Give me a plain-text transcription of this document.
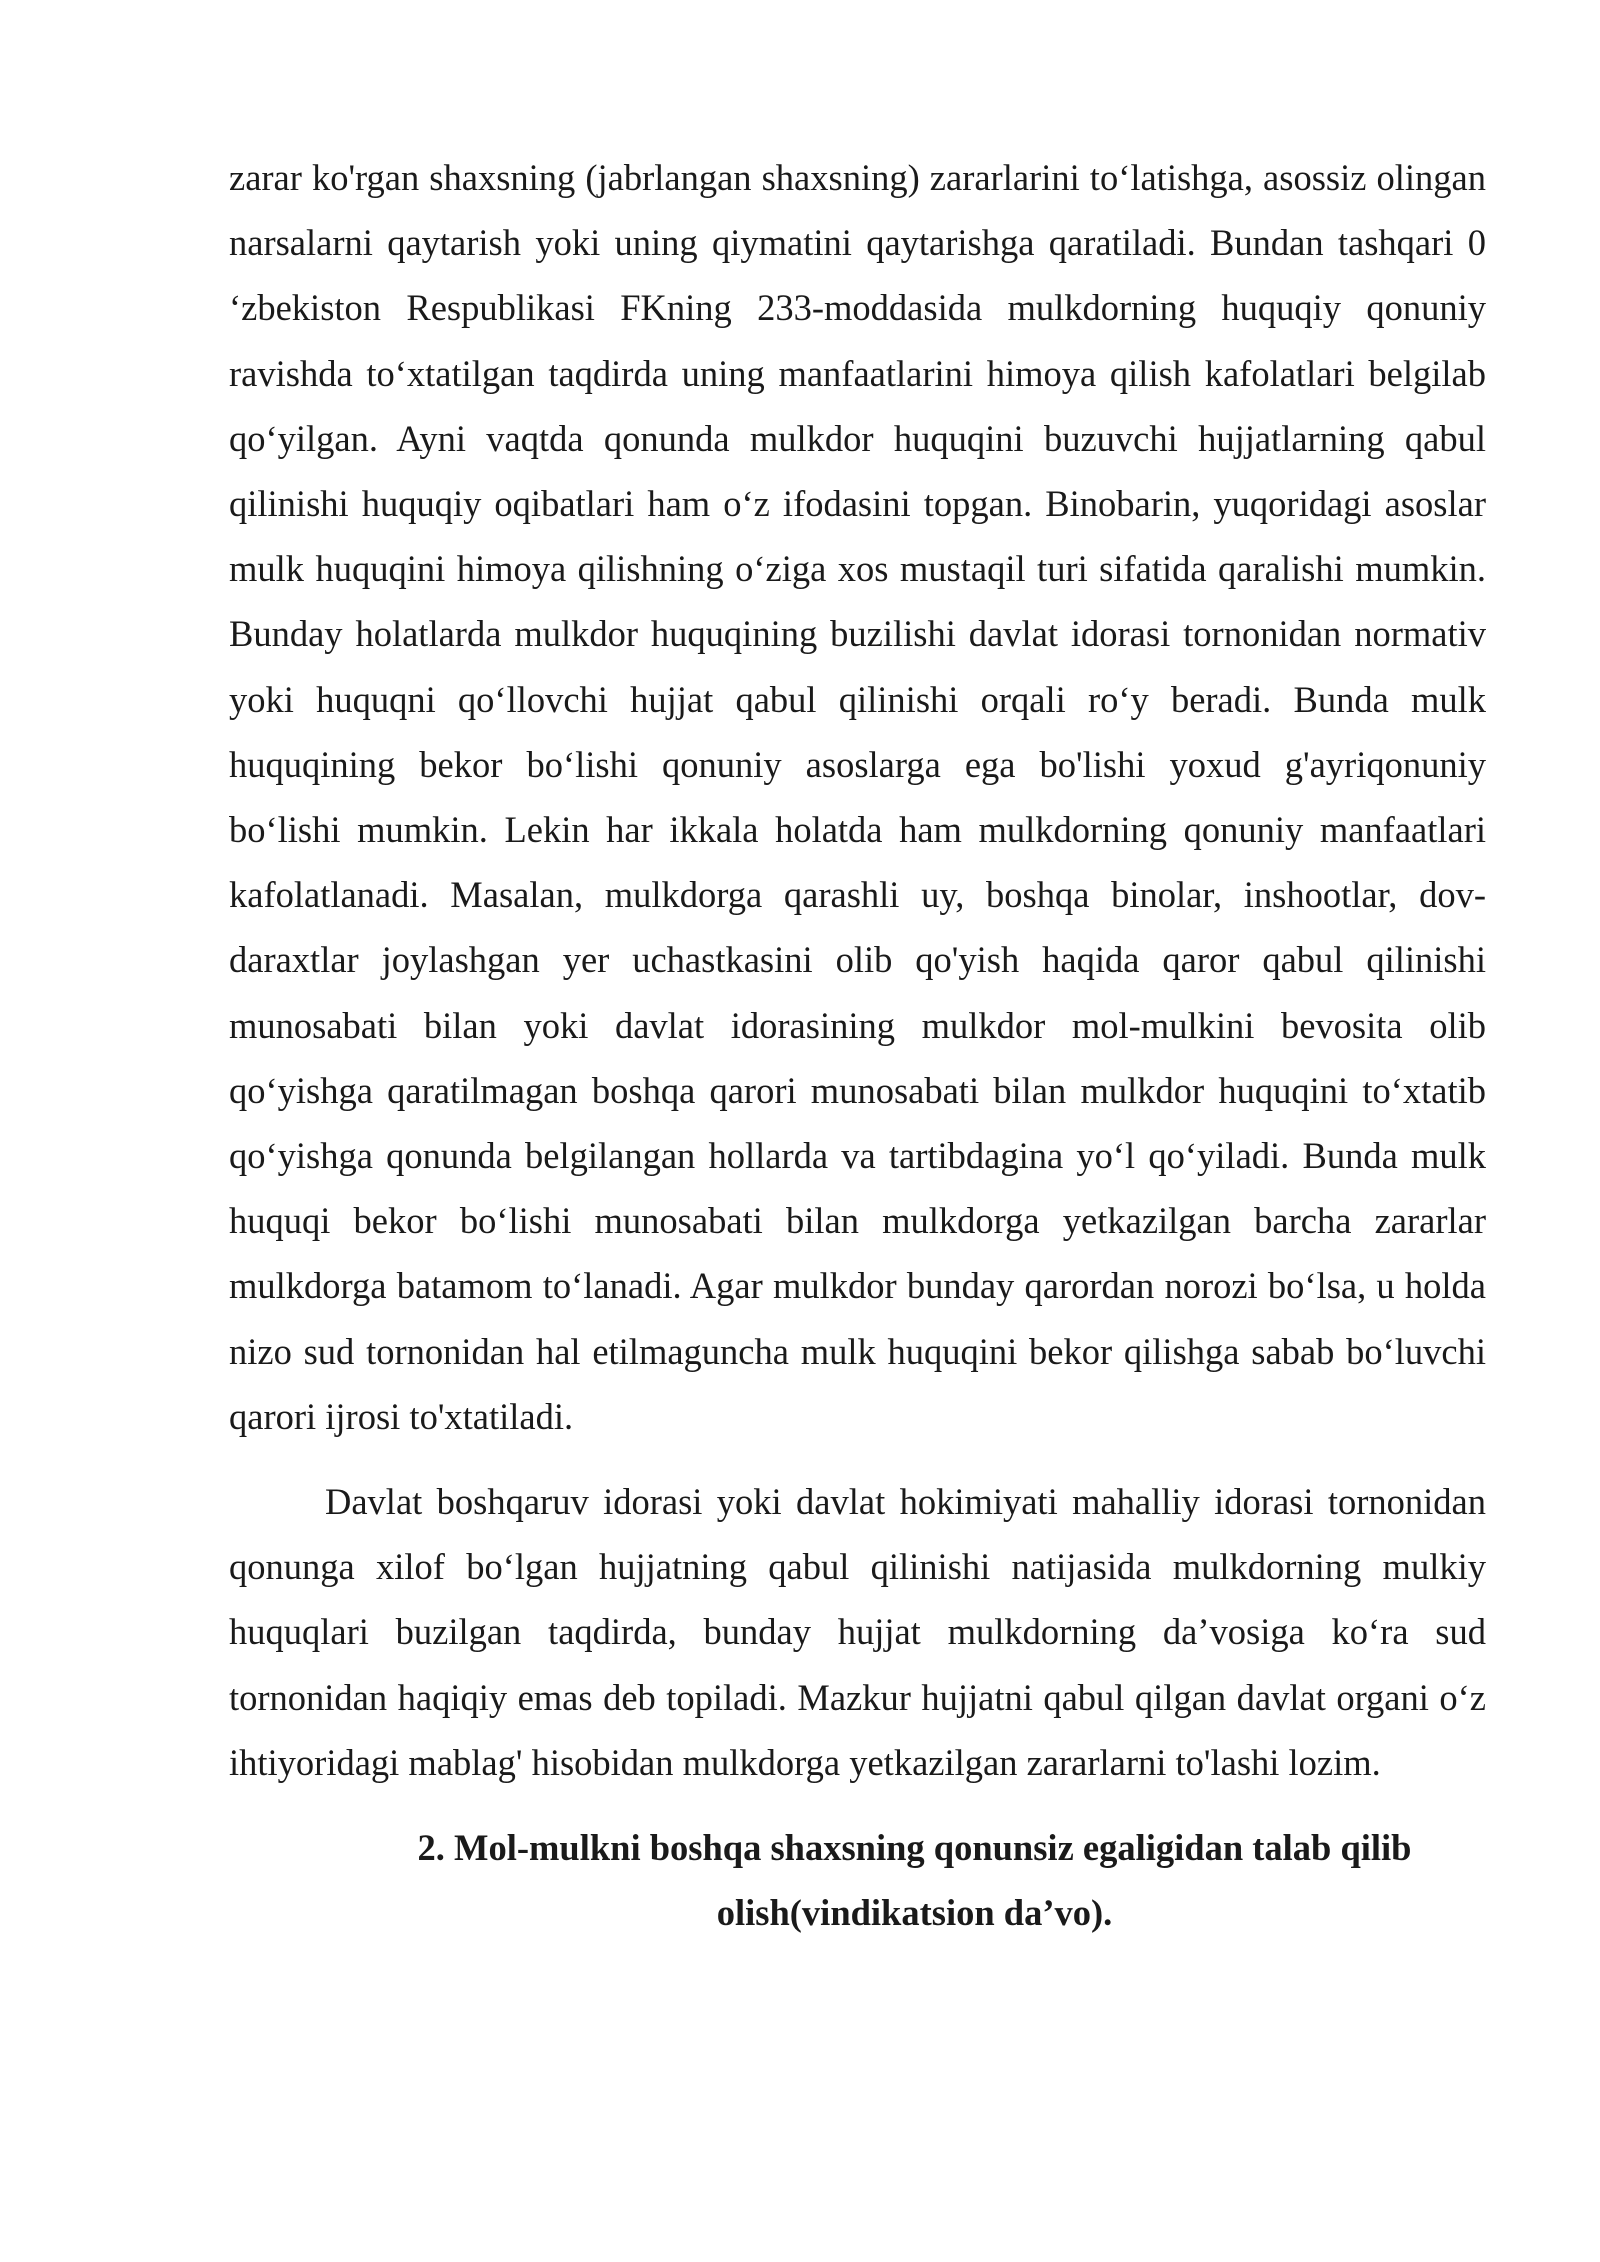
zarar ko'rgan shaxsning (jabrlangan shaxsning) zararlarini to‘latishga, asossiz olingan narsalarni qaytarish yoki uning qiymatini qaytarishga qaratiladi. Bundan tashqari 0 ‘zbekiston Respublikasi FKning 233-moddasida mulkdorning huquqiy qonuniy ravishda to‘xtatilgan taqdirda uning manfaatlarini himoya qilish kafolatlari belgilab qo‘yilgan. Ayni vaqtda qonunda mulkdor huquqini buzuvchi hujjatlarning qabul qilinishi huquqiy oqibatlari ham o‘z ifodasini topgan. Binobarin, yuqoridagi asoslar mulk huquqini himoya qilishning o‘ziga xos mustaqil turi sifatida qaralishi mumkin. Bunday holatlarda mulkdor huquqining buzilishi davlat idorasi tornonidan normativ yoki huquqni qo‘llovchi hujjat qabul qilinishi orqali ro‘y beradi. Bunda mulk huquqining bekor bo‘lishi qonuniy asoslarga ega bo'lishi yoxud g'ayriqonuniy bo‘lishi mumkin. Lekin har ikkala holatda ham mulkdorning qonuniy manfaatlari kafolatlanadi. Masalan, mulkdorga qarashli uy, boshqa binolar, inshootlar, dov-daraxtlar joylashgan yer uchastkasini olib qo'yish haqida qaror qabul qilinishi munosabati bilan yoki davlat idorasining mulkdor mol-mulkini bevosita olib qo‘yishga qaratilmagan boshqa qarori munosabati bilan mulkdor huquqini to‘xtatib qo‘yishga qonunda belgilangan hollarda va tartibdagina yo‘l qo‘yiladi. Bunda mulk huquqi bekor bo‘lishi munosabati bilan mulkdorga yetkazilgan barcha zararlar mulkdorga batamom to‘lanadi. Agar mulkdor bunday qarordan norozi bo‘lsa, u holda nizo sud tornonidan hal etilmaguncha mulk huquqini bekor qilishga sabab bo‘luvchi qarori ijrosi to'xtatiladi.

Davlat boshqaruv idorasi yoki davlat hokimiyati mahalliy idorasi tornonidan qonunga xilof bo‘lgan hujjatning qabul qilinishi natijasida mulkdorning mulkiy huquqlari buzilgan taqdirda, bunday hujjat mulkdorning da’vosiga ko‘ra sud tornonidan haqiqiy emas deb topiladi. Mazkur hujjatni qabul qilgan davlat organi o‘z ihtiyoridagi mablag' hisobidan mulkdorga yetkazilgan zararlarni to'lashi lozim.

2. Mol-mulkni boshqa shaxsning qonunsiz egaligidan talab qilib olish(vindikatsion da’vo).
